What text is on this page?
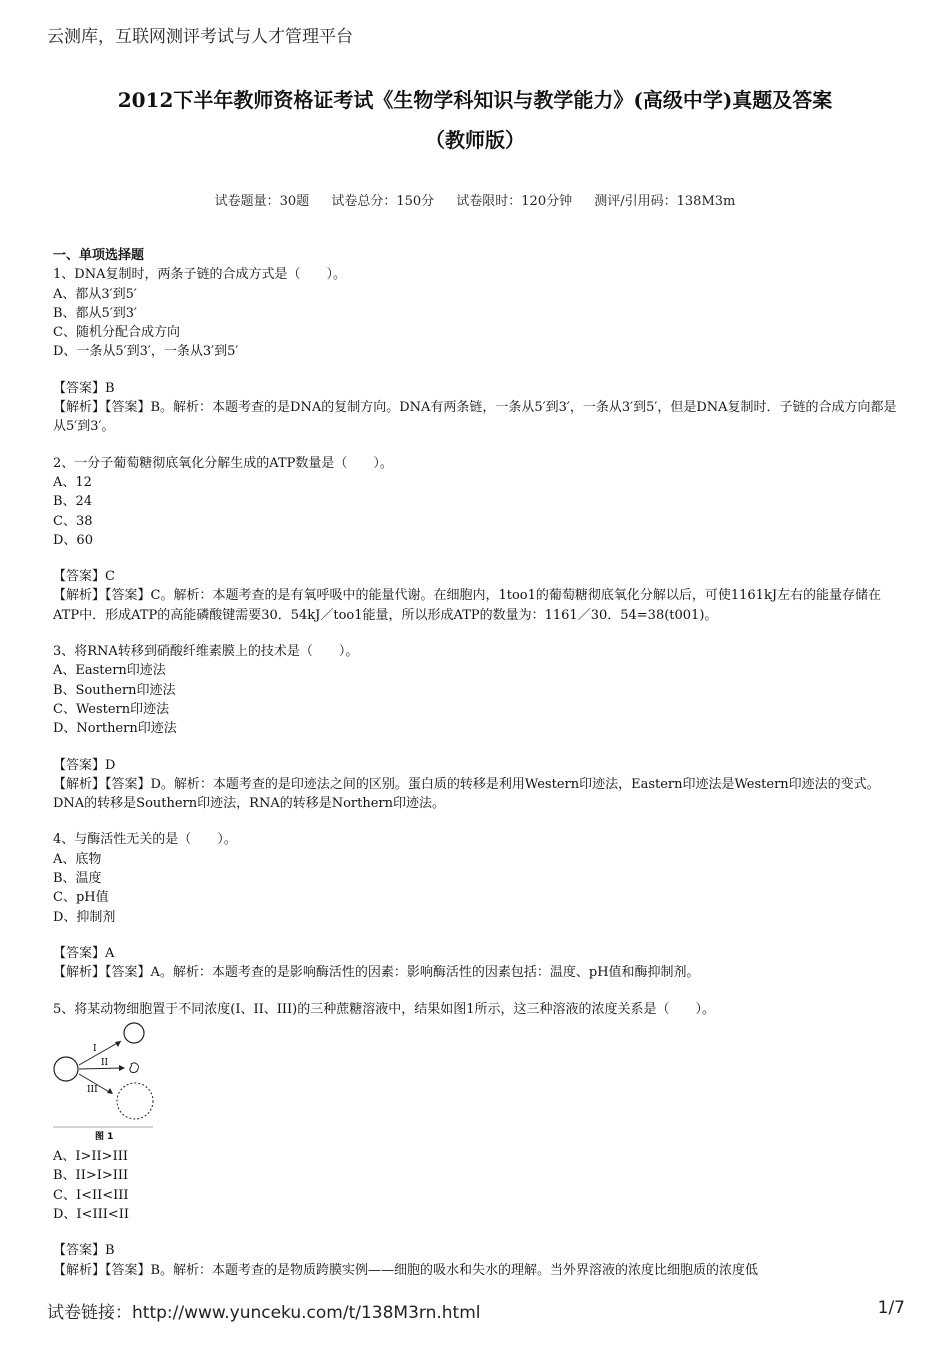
云测库，互联网测评考试与人才管理平台
2012下半年教师资格证考试《生物学科知识与教学能力》(高级中学)真题及答案
（教师版）
试卷题量：30题 试卷总分：150分 试卷限时：120分钟 测评/引用码：138M3m
一、单项选择题
1、DNA复制时，两条子链的合成方式是（　　）。
A、都从3′到5′
B、都从5′到3′
C、随机分配合成方向
D、一条从5′到3′，一条从3′到5′
【答案】B
【解析】【答案】B。解析：本题考查的是DNA的复制方向。DNA有两条链，一条从5′到3′，一条从3′到5′，但是DNA复制时．子链的合成方向都是从5′到3′。
2、一分子葡萄糖彻底氧化分解生成的ATP数量是（　　）。
A、12
B、24
C、38
D、60
【答案】C
【解析】【答案】C。解析：本题考查的是有氧呼吸中的能量代谢。在细胞内，1too1的葡萄糖彻底氧化分解以后，可使1161kJ左右的能量存储在ATP中．形成ATP的高能磷酸键需要30．54kJ／too1能量，所以形成ATP的数量为：1161／30．54=38(t001)。
3、将RNA转移到硝酸纤维素膜上的技术是（　　）。
A、Eastern印迹法
B、Southern印迹法
C、Western印迹法
D、Northern印迹法
【答案】D
【解析】【答案】D。解析：本题考查的是印迹法之间的区别。蛋白质的转移是利用Western印迹法，Eastern印迹法是Western印迹法的变式。DNA的转移是Southern印迹法，RNA的转移是Northern印迹法。
4、与酶活性无关的是（　　）。
A、底物
B、温度
C、pH值
D、抑制剂
【答案】A
【解析】【答案】A。解析：本题考查的是影响酶活性的因素：影响酶活性的因素包括：温度、pH值和酶抑制剂。
5、将某动物细胞置于不同浓度(I、II、III)的三种蔗糖溶液中，结果如图1所示，这三种溶液的浓度关系是（　　）。
I
II
III
图 1
A、I>II>III
B、II>I>III
C、I<II<III
D、I<III<II
【答案】B
【解析】【答案】B。解析：本题考查的是物质跨膜实例——细胞的吸水和失水的理解。当外界溶液的浓度比细胞质的浓度低
试卷链接：http://www.yunceku.com/t/138M3rn.html	1/7
